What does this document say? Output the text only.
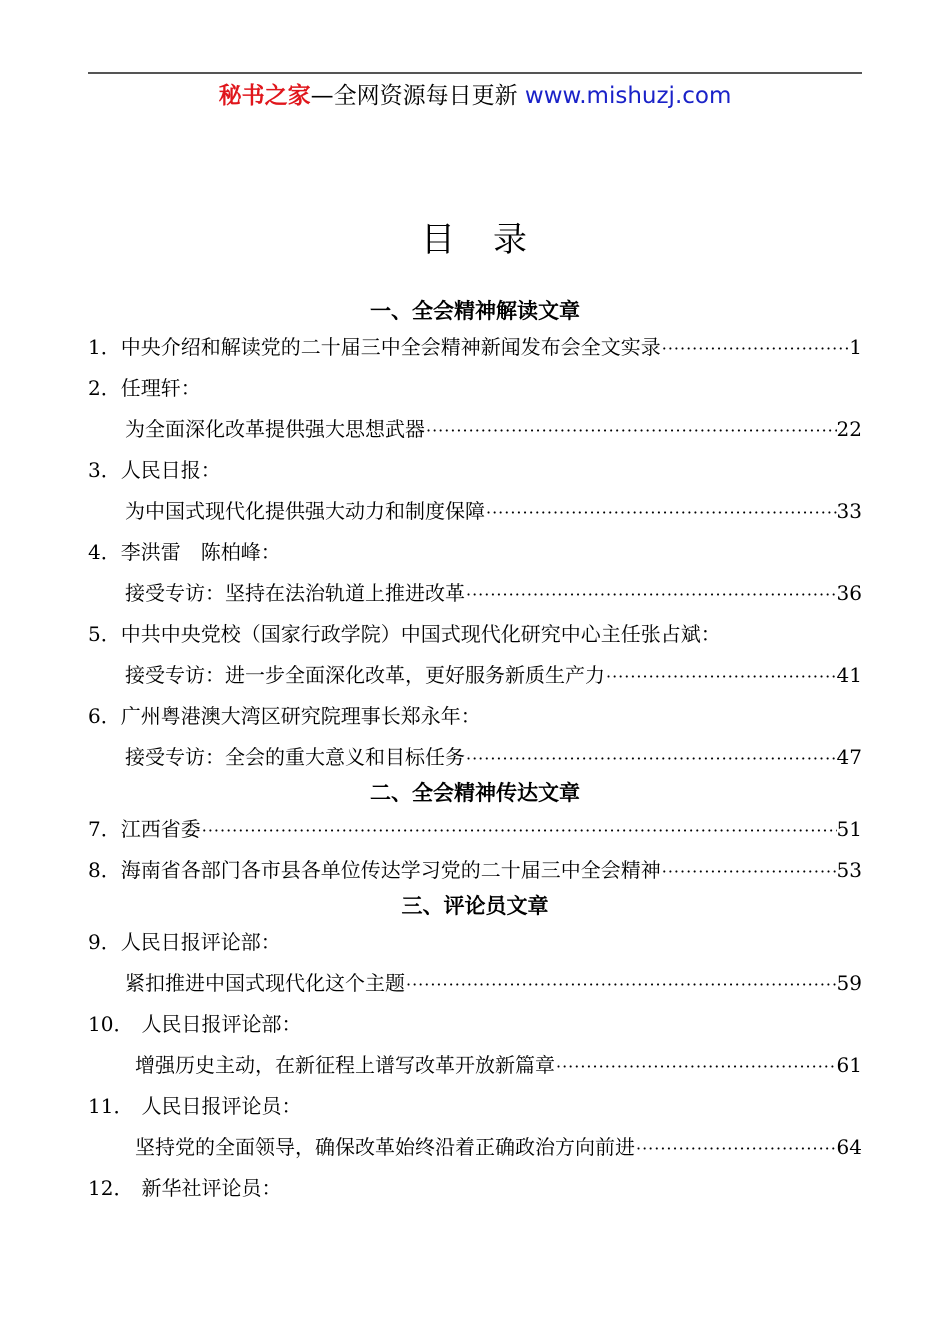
秘书之家—全网资源每日更新 www.mishuzj.com
目　录
一、全会精神解读文章
1． 中央介绍和解读党的二十届三中全会精神新闻发布会全文实录 ·····	1
2． 任理轩：
为全面深化改革提供强大思想武器 ·····	22
3． 人民日报：
为中国式现代化提供强大动力和制度保障 ·····	33
4． 李洪雷　陈柏峰：
接受专访：坚持在法治轨道上推进改革 ·····	36
5． 中共中央党校（国家行政学院）中国式现代化研究中心主任张占斌：
接受专访：进一步全面深化改革，更好服务新质生产力 ·····	41
6． 广州粤港澳大湾区研究院理事长郑永年：
接受专访：全会的重大意义和目标任务 ·····	47
二、全会精神传达文章
7． 江西省委 ·····	51
8． 海南省各部门各市县各单位传达学习党的二十届三中全会精神 ·····	53
三、评论员文章
9． 人民日报评论部：
紧扣推进中国式现代化这个主题 ·····	59
10． 人民日报评论部：
增强历史主动，在新征程上谱写改革开放新篇章 ·····	61
11． 人民日报评论员：
坚持党的全面领导，确保改革始终沿着正确政治方向前进 ·····	64
12． 新华社评论员：
